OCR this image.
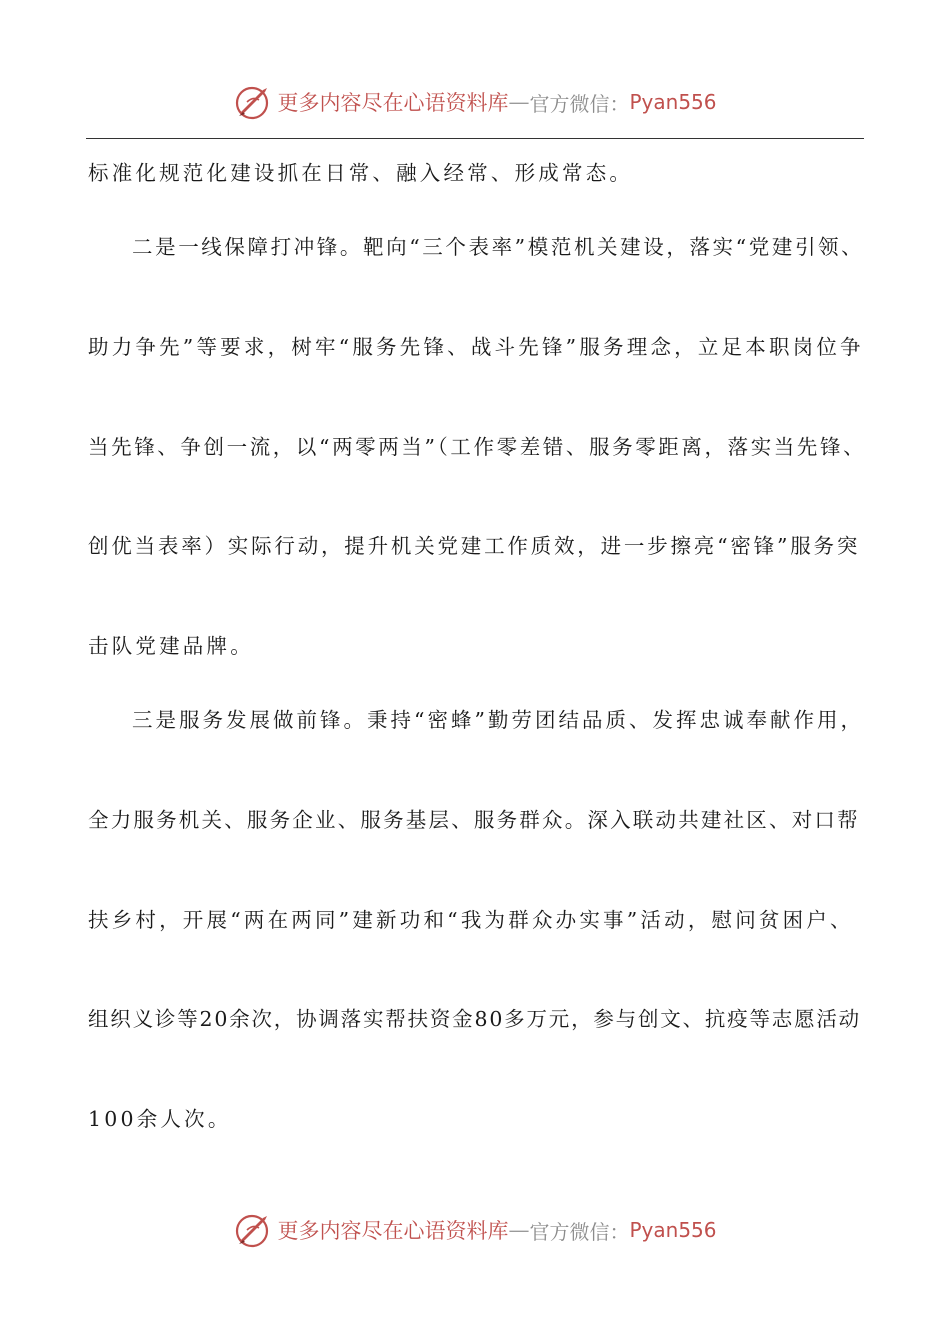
更多内容尽在心语资料库 — 官方微信： Pyan556
标准化规范化建设抓在日常、融入经常、形成常态。
二是一线保障打冲锋。靶向“三个表率”模范机关建设，落实“党建引领、
助力争先”等要求，树牢“服务先锋、战斗先锋”服务理念，立足本职岗位争
当先锋、争创一流，以“两零两当”（工作零差错、服务零距离，落实当先锋、
创优当表率）实际行动，提升机关党建工作质效，进一步擦亮“密锋”服务突
击队党建品牌。
三是服务发展做前锋。秉持“密蜂”勤劳团结品质、发挥忠诚奉献作用，
全力服务机关、服务企业、服务基层、服务群众。深入联动共建社区、对口帮
扶乡村，开展“两在两同”建新功和“我为群众办实事”活动，慰问贫困户、
组织义诊等20余次，协调落实帮扶资金80多万元，参与创文、抗疫等志愿活动
100余人次。
更多内容尽在心语资料库 — 官方微信： Pyan556
